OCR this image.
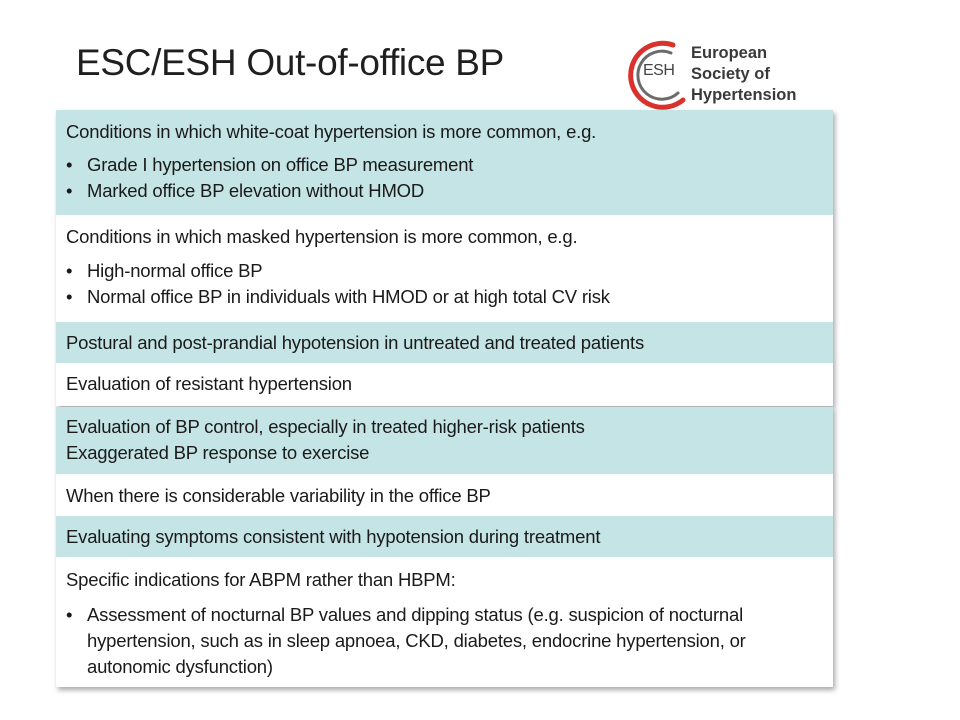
ESC/ESH Out-of-office BP	ESH
European
Society of
Hypertension

Conditions in which white-coat hypertension is more common, e.g.

• Grade I hypertension on office BP measurement
• Marked office BP elevation without HMOD

Conditions in which masked hypertension is more common, e.g.

• High-normal office BP
• Normal office BP in individuals with HMOD or at high total CV risk

Postural and post-prandial hypotension in untreated and treated patients

Evaluation of resistant hypertension

Evaluation of BP control, especially in treated higher-risk patients

Exaggerated BP response to exercise

When there is considerable variability in the office BP

Evaluating symptoms consistent with hypotension during treatment

Specific indications for ABPM rather than HBPM:

• Assessment of nocturnal BP values and dipping status (e.g. suspicion of nocturnal hypertension, such as in sleep apnoea, CKD, diabetes, endocrine hypertension, or autonomic dysfunction)
